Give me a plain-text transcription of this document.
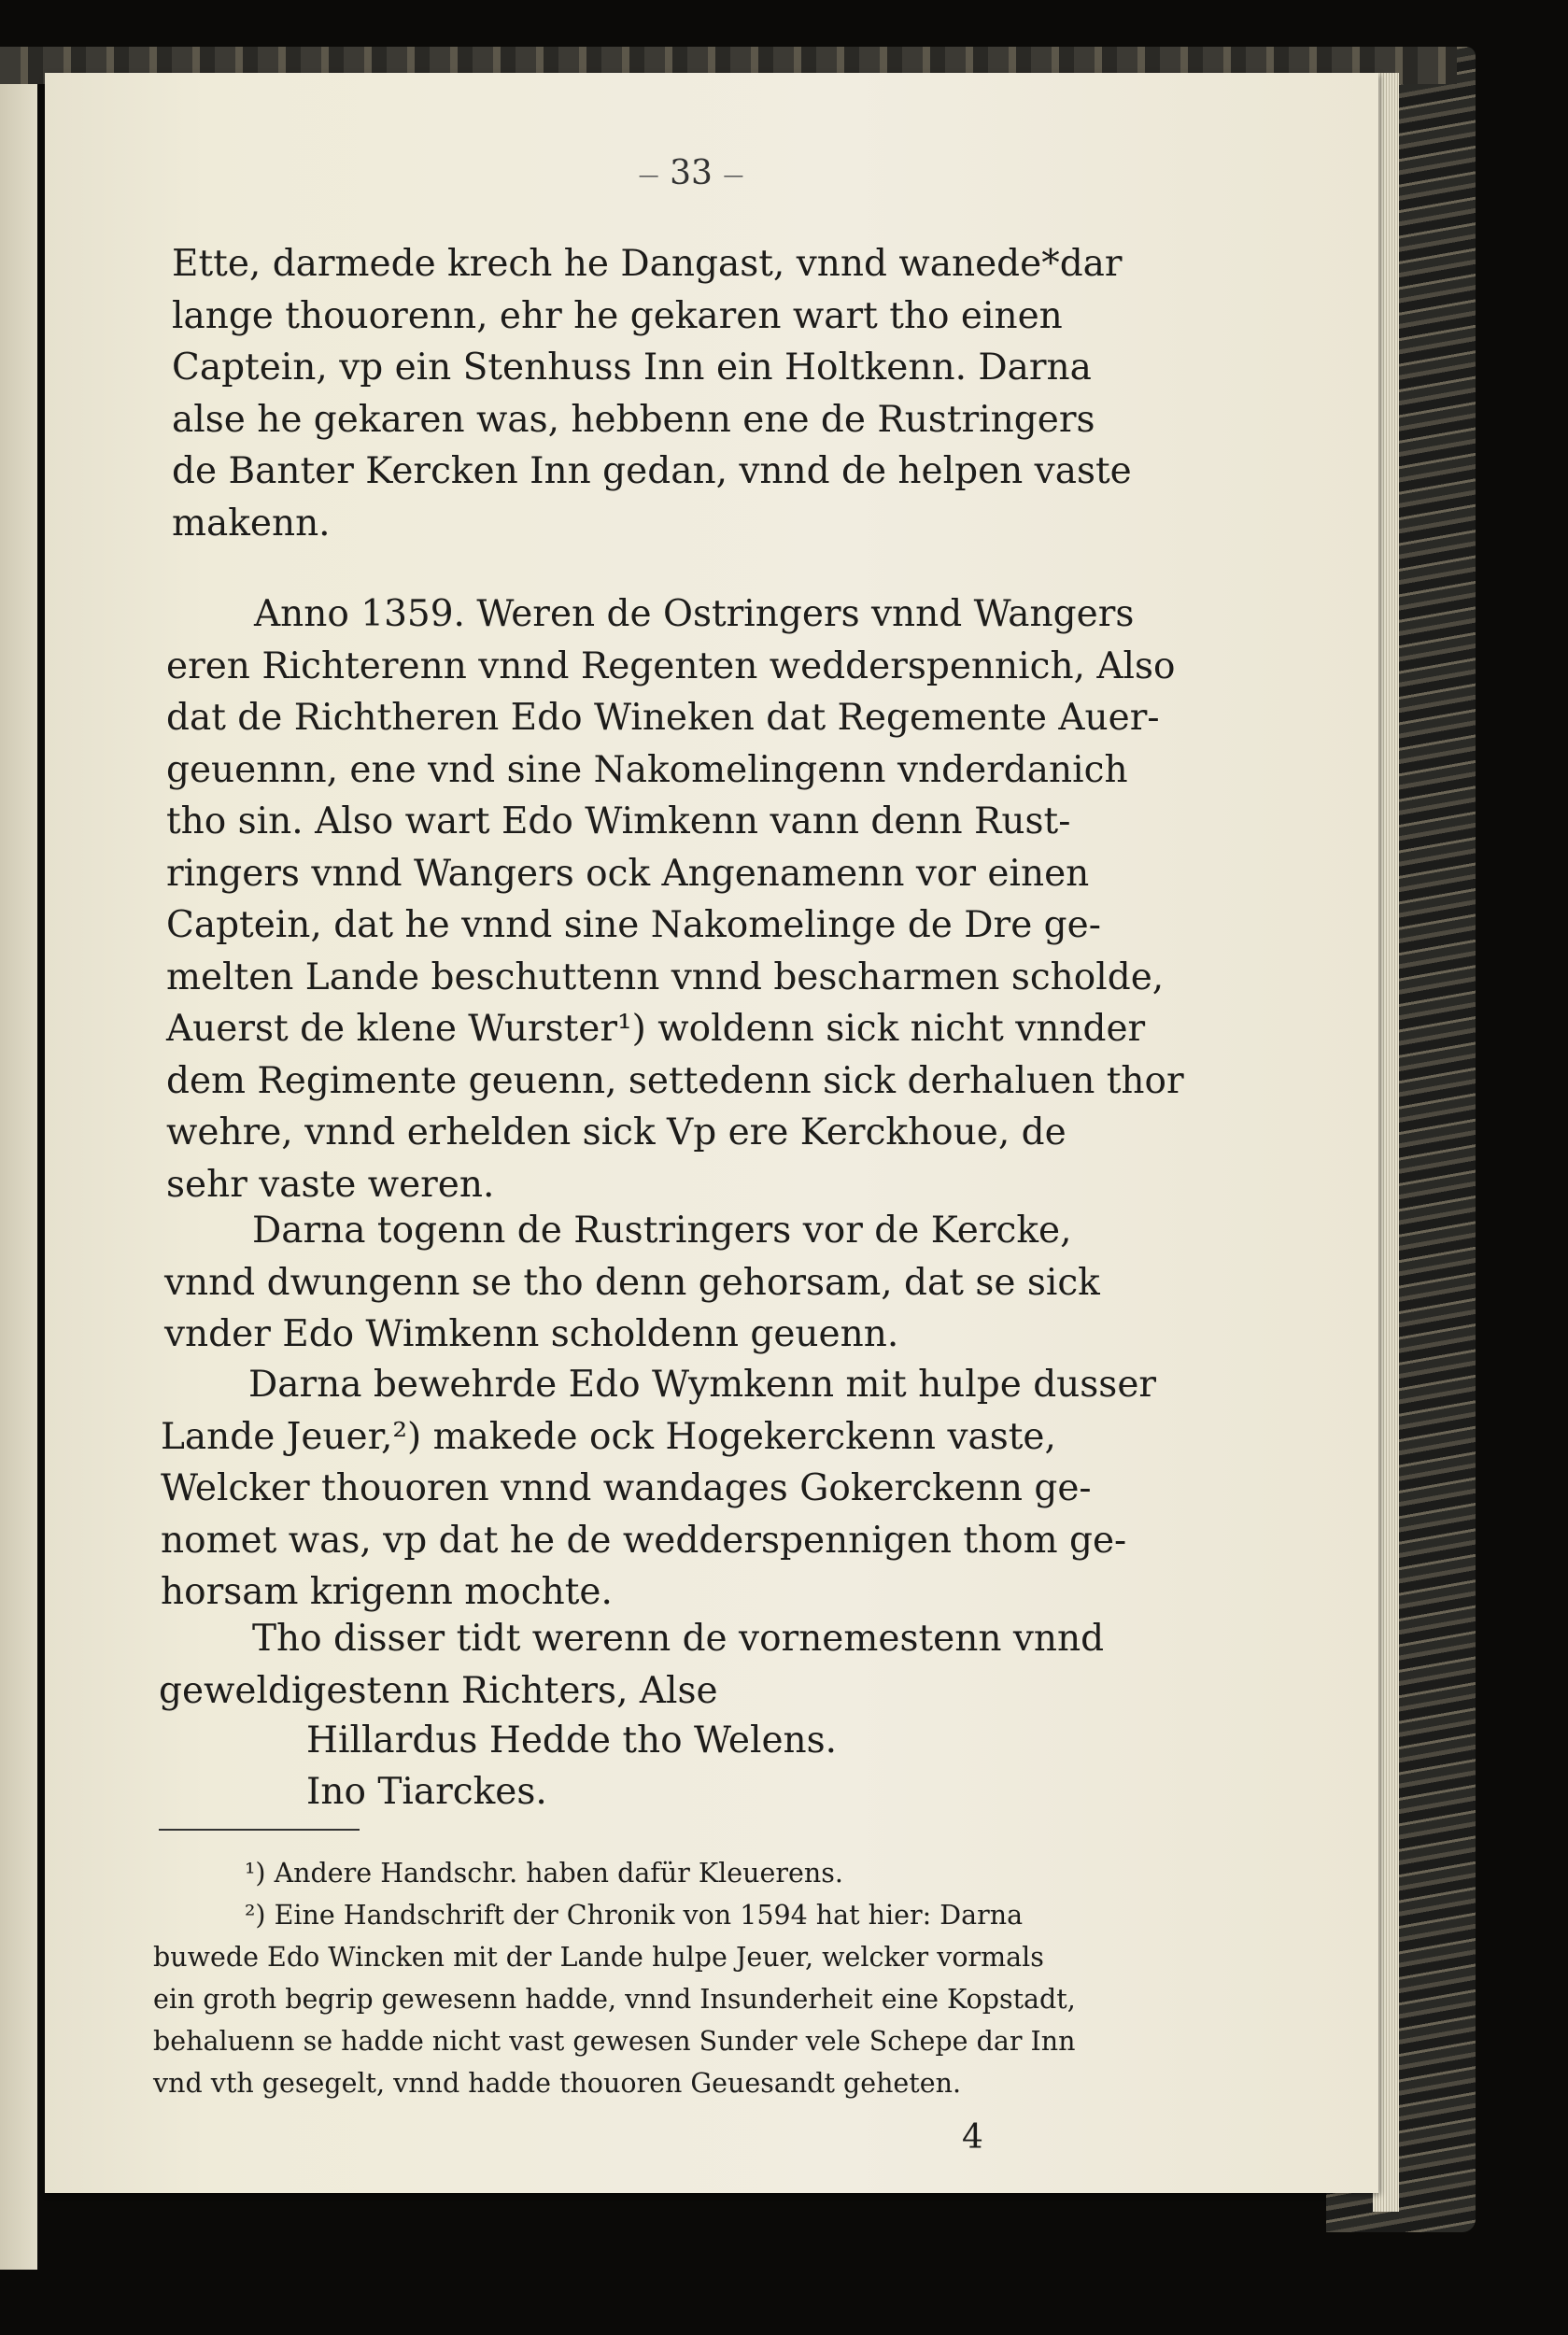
— 33 —
Ette, darmede krech he Dangast, vnnd wanede*dar
lange thouorenn, ehr he gekaren wart tho einen
Captein, vp ein Stenhuss Inn ein Holtkenn. Darna
alse he gekaren was, hebbenn ene de Rustringers
de Banter Kercken Inn gedan, vnnd de helpen vaste
makenn.
Anno 1359. Weren de Ostringers vnnd Wangers
eren Richterenn vnnd Regenten wedderspennich, Also
dat de Richtheren Edo Wineken dat Regemente Auer-
geuennn, ene vnd sine Nakomelingenn vnderdanich
tho sin. Also wart Edo Wimkenn vann denn Rust-
ringers vnnd Wangers ock Angenamenn vor einen
Captein, dat he vnnd sine Nakomelinge de Dre ge-
melten Lande beschuttenn vnnd bescharmen scholde,
Auerst de klene Wurster¹) woldenn sick nicht vnnder
dem Regimente geuenn, settedenn sick derhaluen thor
wehre, vnnd erhelden sick Vp ere Kerckhoue, de
sehr vaste weren.
Darna togenn de Rustringers vor de Kercke,
vnnd dwungenn se tho denn gehorsam, dat se sick
vnder Edo Wimkenn scholdenn geuenn.
Darna bewehrde Edo Wymkenn mit hulpe dusser
Lande Jeuer,²) makede ock Hogekerckenn vaste,
Welcker thouoren vnnd wandages Gokerckenn ge-
nomet was, vp dat he de wedderspennigen thom ge-
horsam krigenn mochte.
Tho disser tidt werenn de vornemestenn vnnd
geweldigestenn Richters, Alse
Hillardus Hedde tho Welens.
Ino Tiarckes.
¹) Andere Handschr. haben dafür Kleuerens.
²) Eine Handschrift der Chronik von 1594 hat hier: Darna
buwede Edo Wincken mit der Lande hulpe Jeuer, welcker vormals
ein groth begrip gewesenn hadde, vnnd Insunderheit eine Kopstadt,
behaluenn se hadde nicht vast gewesen Sunder vele Schepe dar Inn
vnd vth gesegelt, vnnd hadde thouoren Geuesandt geheten.
4
